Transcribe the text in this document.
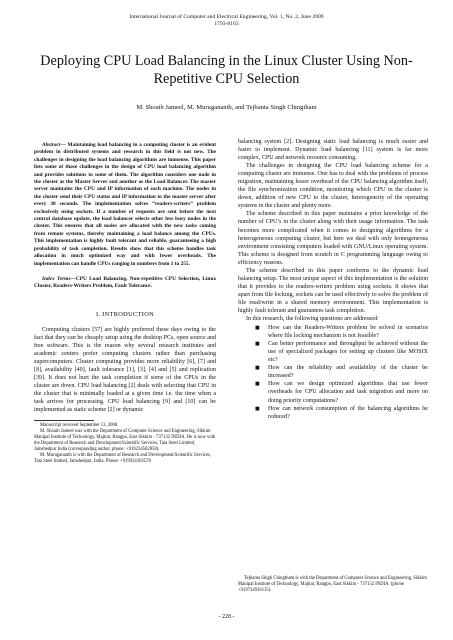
International Journal of Computer and Electrical Engineering, Vol. 1, No. 2, June 2009
1793-8163
Deploying CPU Load Balancing in the Linux Cluster Using Non-Repetitive CPU Selection
M. Shoaib Jameel, M. Murugananth, and Tejbanta Singh Chingtham

Abstract— Maintaining load balancing in a computing cluster is an evident problem in distributed systems and research in this field is not new. The challenges in designing the load balancing algorithms are immense. This paper lists some of those challenges in the design of CPU load balancing algorithm and provides solutions to some of them. The algorithm considers one node in the cluster as the Master Server and another as the Load Balancer. The master server maintains the CPU and IP information of each machine. The nodes in the cluster send their CPU status and IP information to the master server after every 30 seconds. The implementation solves “readers-writers” problem exclusively using sockets. If a number of requests are sent before the next central database update, the load balancer selects other less busy nodes in the cluster. This ensures that all nodes are allocated with the new tasks coming from remote systems, thereby maintaining a load balance among the CPUs. This implementation is highly fault tolerant and reliable, guaranteeing a high probability of task completion. Results show that this scheme handles task allocation in much optimized way and with fewer overheads. The implementation can handle CPUs ranging in numbers from 1 to 255.

Index Terms—CPU Load Balancing, Non-repetitive CPU Selection, Linux Cluster, Readers-Writers Problem, Fault Tolerance.

I. INTRODUCTION

Computing clusters [57] are highly preferred these days owing to the fact that they can be cheaply setup using the desktop PCs, open source and free software. This is the reason why several research institutes and academic centers prefer computing clusters rather than purchasing supercomputers. Cluster computing provides more reliability [6], [7] and [8], availability [40], fault tolerance [1], [3], [4] and [5] and replication [39]. It does not hurt the task completion if some of the CPUs in the cluster are down. CPU load balancing [2] deals with selecting that CPU in the cluster that is minimally loaded at a given time i.e. the time when a task arrives for processing. CPU load balancing [9] and [10] can be implemented as static scheme [2] or dynamic

Manuscript received September 13, 2008.

M. Shoaib Jameel was with the Department of Computer Science and Engineering, Sikkim Manipal Institute of Technology, Majitar, Rangpo, East Sikkim - 737132 INDIA. He is now with the Department of Research and Development/Scientific Services, Tata Steel Limited, Jamshedpur India (corresponding author, phone: +919234502858).

M. Murugananth is with the Department of Research and Development/Scientific Services, Tata Steel limited, Jamshedpur, India. Phone: +919934302578

balancing system [2]. Designing static load balancing is much easier and faster to implement. Dynamic load balancing [11] system is far more complex, CPU and network resource consuming.

The challenges in designing the CPU load balancing scheme for a computing cluster are immense. One has to deal with the problems of process migration, maintaining lesser overhead of the CPU balancing algorithm itself, the file synchronization condition, monitoring which CPU in the cluster is down, addition of new CPU to the cluster, heterogeneity of the operating systems in the cluster and plenty more.

The scheme described in this paper maintains a prior knowledge of the number of CPU’s in the cluster along with their usage information. The task becomes more complicated when it comes to designing algorithms for a heterogeneous computing cluster, but here we deal with only homogeneous environment consisting computers loaded with GNU/Linux operating system. This scheme is designed from scratch in C programming language owing to efficiency reasons.

The scheme described in this paper conforms to the dynamic load balancing setup. The most unique aspect of this implementation is the solution that it provides to the readers-writers problem using sockets. It shows that apart from file locking, sockets can be used effectively to solve the problem of file read/write in a shared memory environment. This implementation is highly fault tolerant and guarantees task completion.

In this research, the following questions are addressed:

■ How can the Readers-Writers problem be solved in scenarios where file locking mechanism is not feasible?
■ Can better performance and throughput be achieved without the use of specialized packages for setting up clusters like MOSIX etc?
■ How can the reliability and availability of the cluster be increased?
■ How can we design optimized algorithms that use fewer overheads for CPU allocation and task migration and more on doing priority computations?
■ How can network consumption of the balancing algorithms be reduced?

Tejbanta Singh Chingtham is with the Department of Computer Science and Engineering, Sikkim Manipal Institute of Technology, Majitar, Rangpo, East Sikkim - 737132 INDIA. (phone +919734916135).

- 228 -
